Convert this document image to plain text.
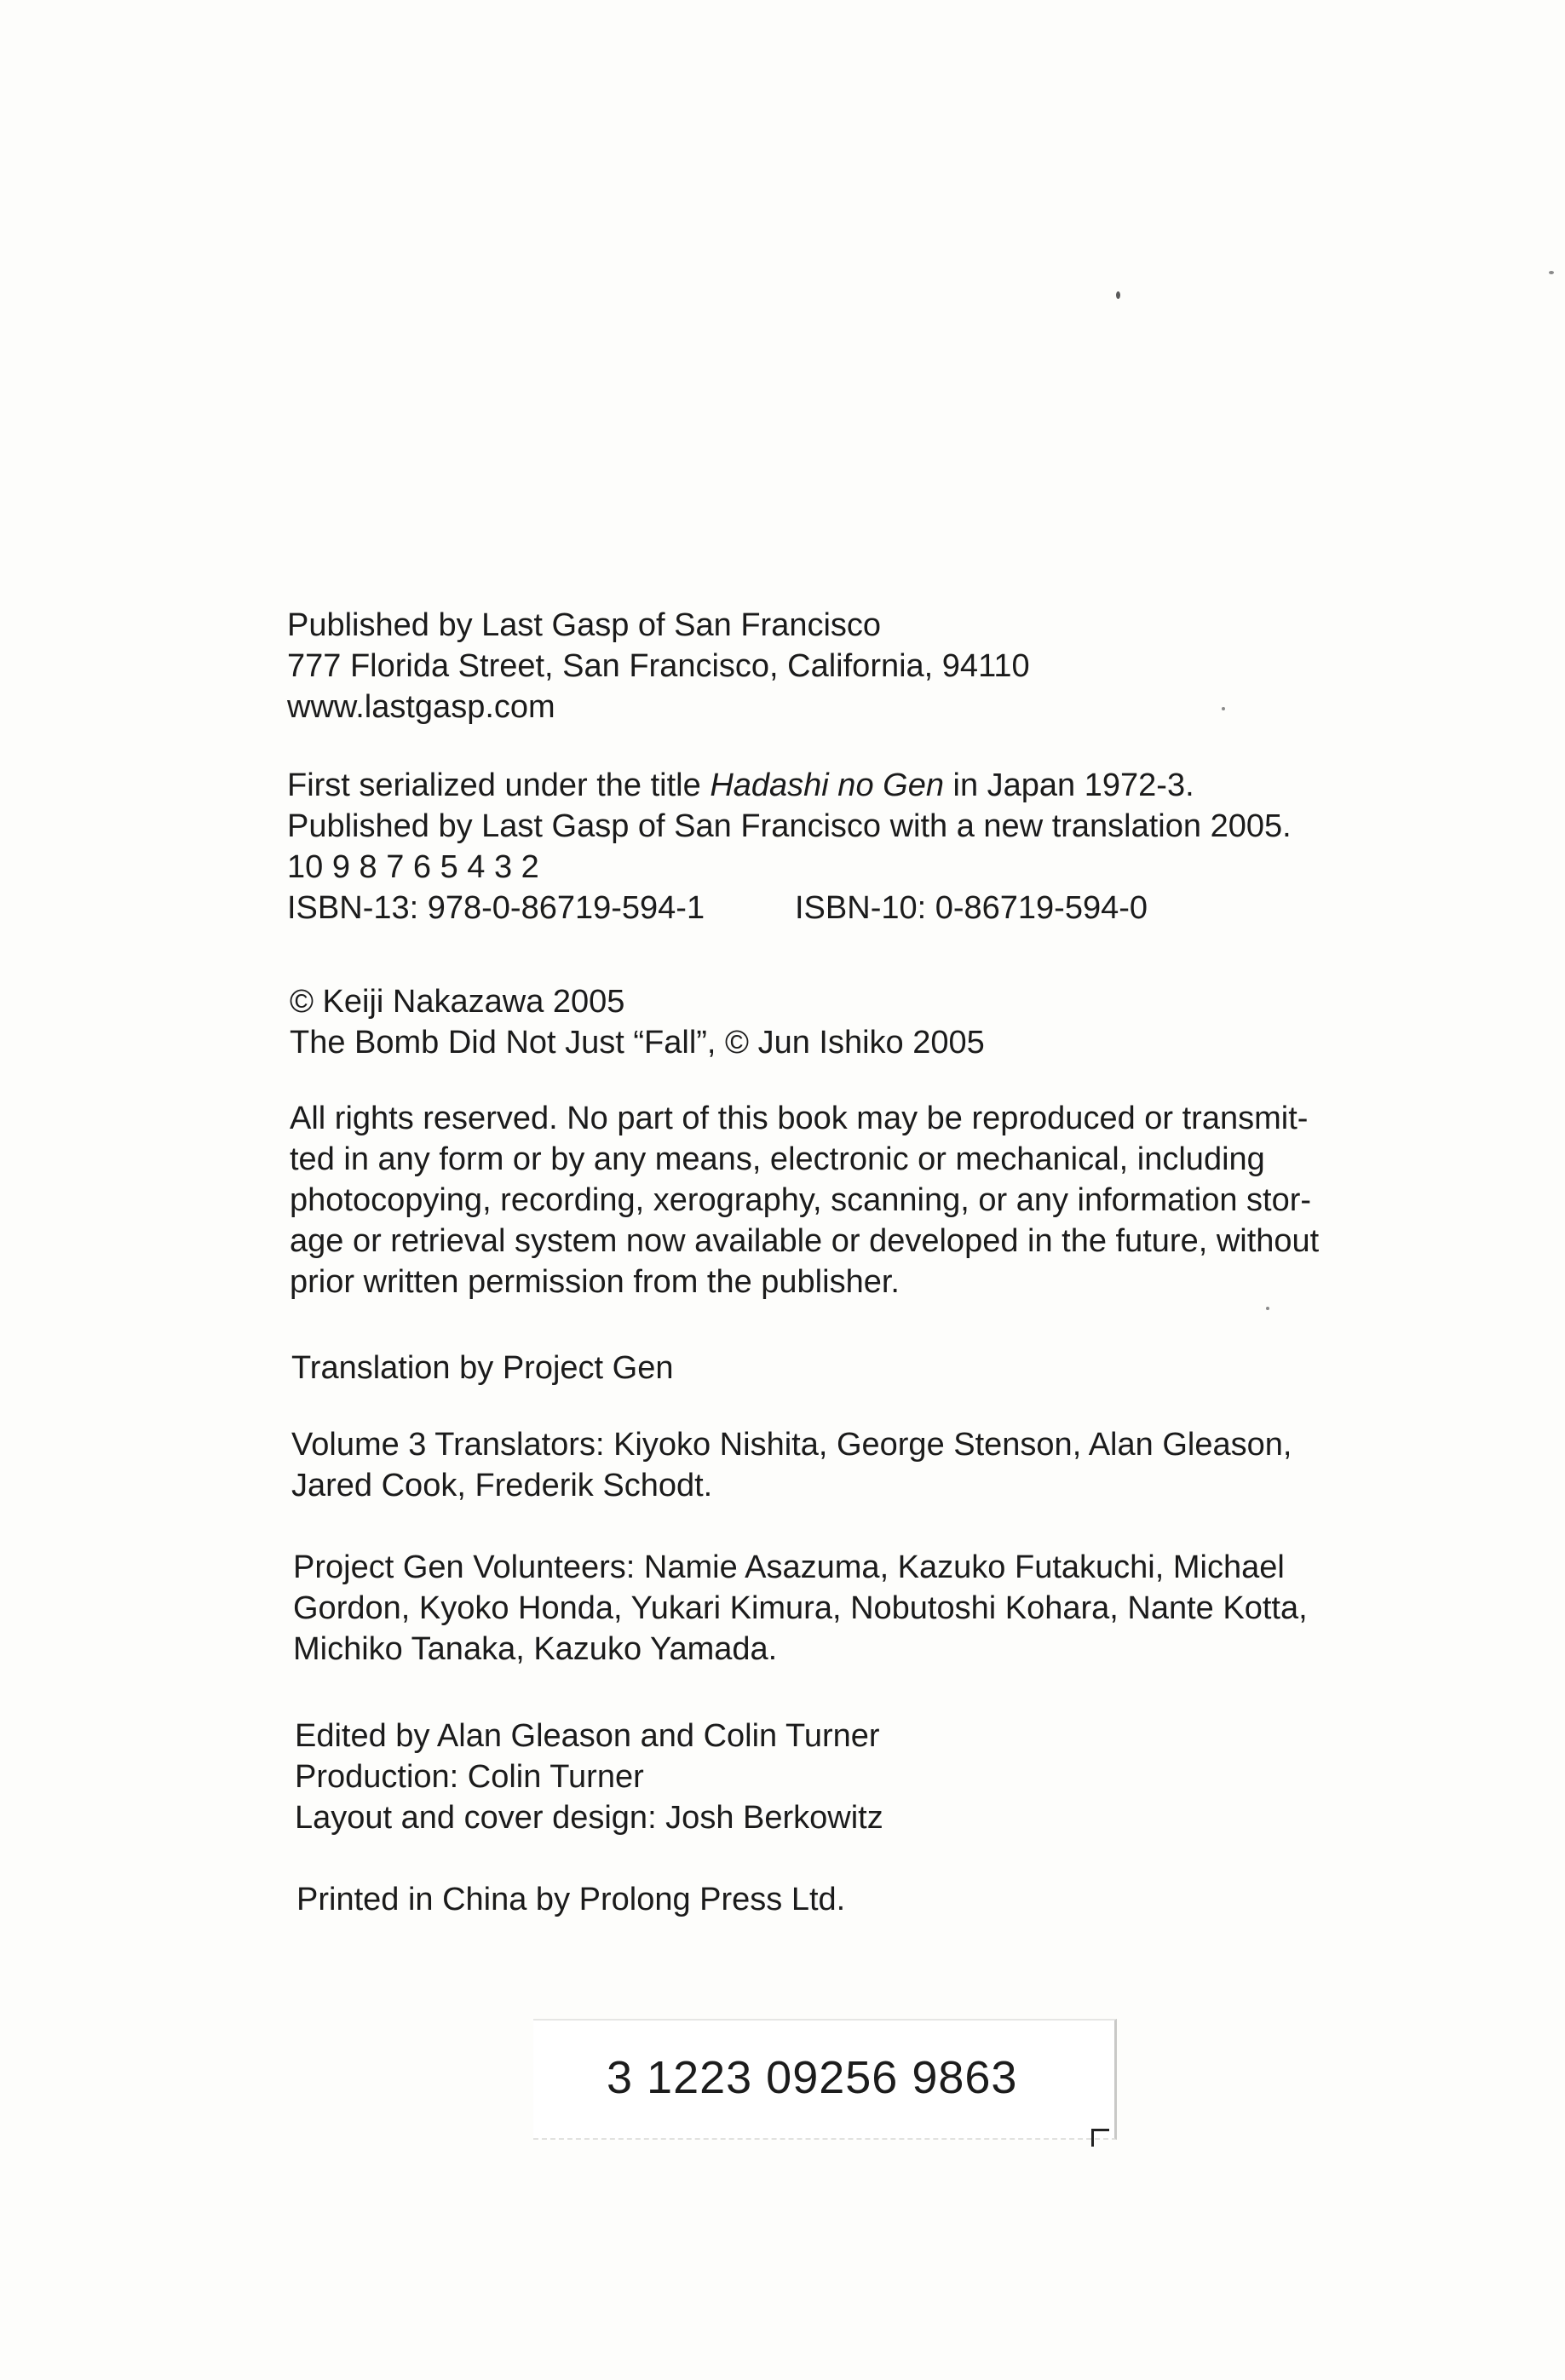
Published by Last Gasp of San Francisco

777 Florida Street, San Francisco, California, 94110

www.lastgasp.com

First serialized under the title Hadashi no Gen in Japan 1972-3.

Published by Last Gasp of San Francisco with a new translation 2005.

10 9 8 7 6 5 4 3 2

ISBN-13: 978-0-86719-594-1	ISBN-10: 0-86719-594-0

© Keiji Nakazawa 2005

The Bomb Did Not Just “Fall”, © Jun Ishiko 2005

All rights reserved. No part of this book may be reproduced or transmit-

ted in any form or by any means, electronic or mechanical, including

photocopying, recording, xerography, scanning, or any information stor-

age or retrieval system now available or developed in the future, without

prior written permission from the publisher.

Translation by Project Gen

Volume 3 Translators: Kiyoko Nishita, George Stenson, Alan Gleason,

Jared Cook, Frederik Schodt.

Project Gen Volunteers: Namie Asazuma, Kazuko Futakuchi, Michael

Gordon, Kyoko Honda, Yukari Kimura, Nobutoshi Kohara, Nante Kotta,

Michiko Tanaka, Kazuko Yamada.

Edited by Alan Gleason and Colin Turner

Production: Colin Turner

Layout and cover design: Josh Berkowitz

Printed in China by Prolong Press Ltd.

3 1223 09256 9863
